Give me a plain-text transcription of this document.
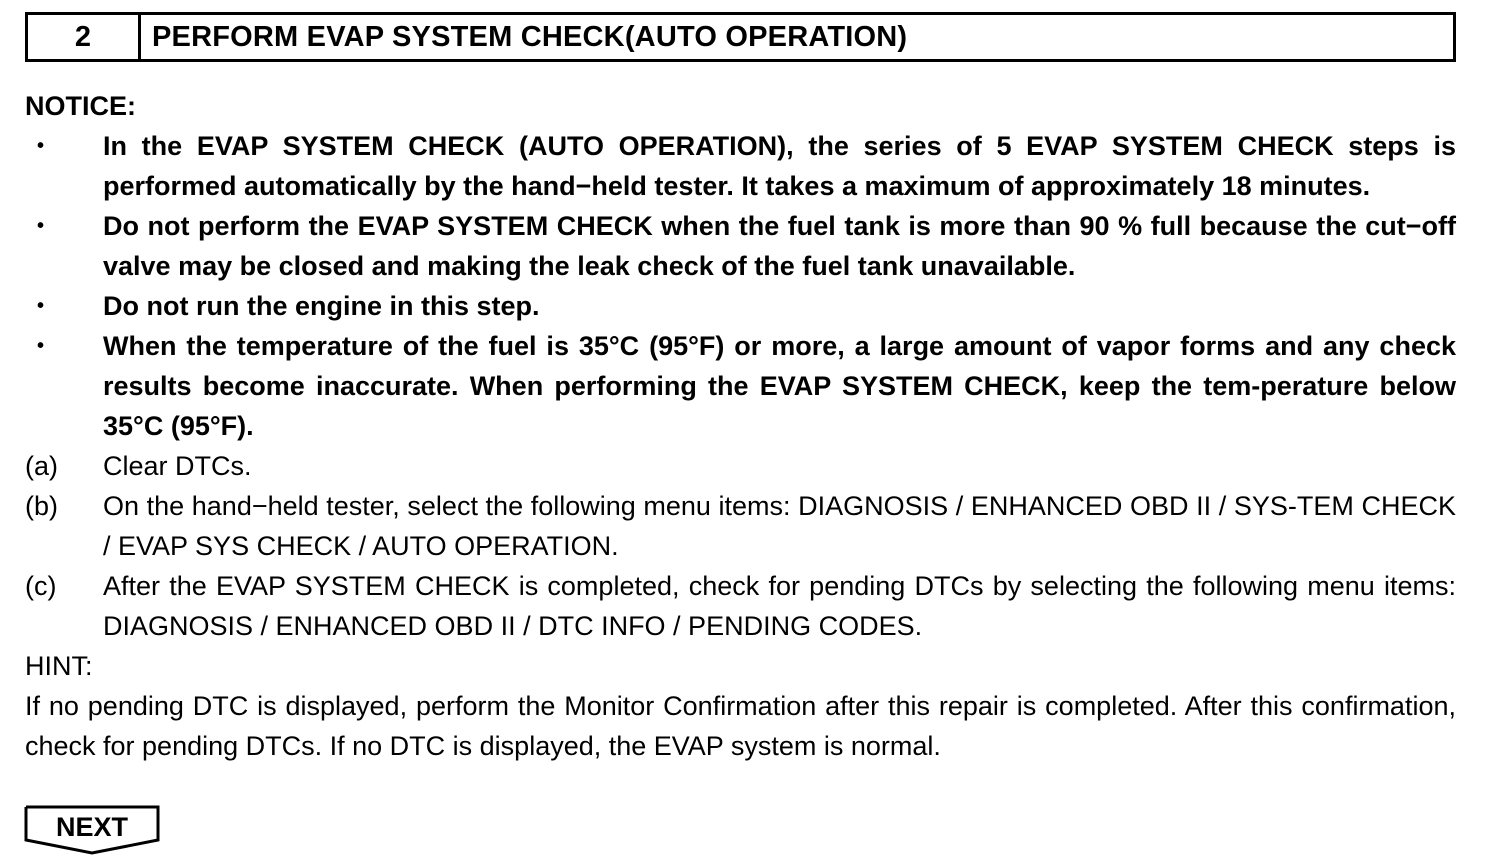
2	PERFORM EVAP SYSTEM CHECK(AUTO OPERATION)
NOTICE:
•	In the EVAP SYSTEM CHECK (AUTO OPERATION), the series of 5 EVAP SYSTEM CHECK steps is performed automatically by the hand−held tester. It takes a maximum of approximately 18 minutes.
•	Do not perform the EVAP SYSTEM CHECK when the fuel tank is more than 90 % full because the cut−off valve may be closed and making the leak check of the fuel tank unavailable.
•	Do not run the engine in this step.
•	When the temperature of the fuel is 35°C (95°F) or more, a large amount of vapor forms and any check results become inaccurate. When performing the EVAP SYSTEM CHECK, keep the tem-perature below 35°C (95°F).
(a)	Clear DTCs.
(b)	On the hand−held tester, select the following menu items: DIAGNOSIS / ENHANCED OBD II / SYS-TEM CHECK / EVAP SYS CHECK / AUTO OPERATION.
(c)	After the EVAP SYSTEM CHECK is completed, check for pending DTCs by selecting the following menu items: DIAGNOSIS / ENHANCED OBD II / DTC INFO / PENDING CODES.
HINT:
If no pending DTC is displayed, perform the Monitor Confirmation after this repair is completed. After this confirmation, check for pending DTCs. If no DTC is displayed, the EVAP system is normal.
NEXT
